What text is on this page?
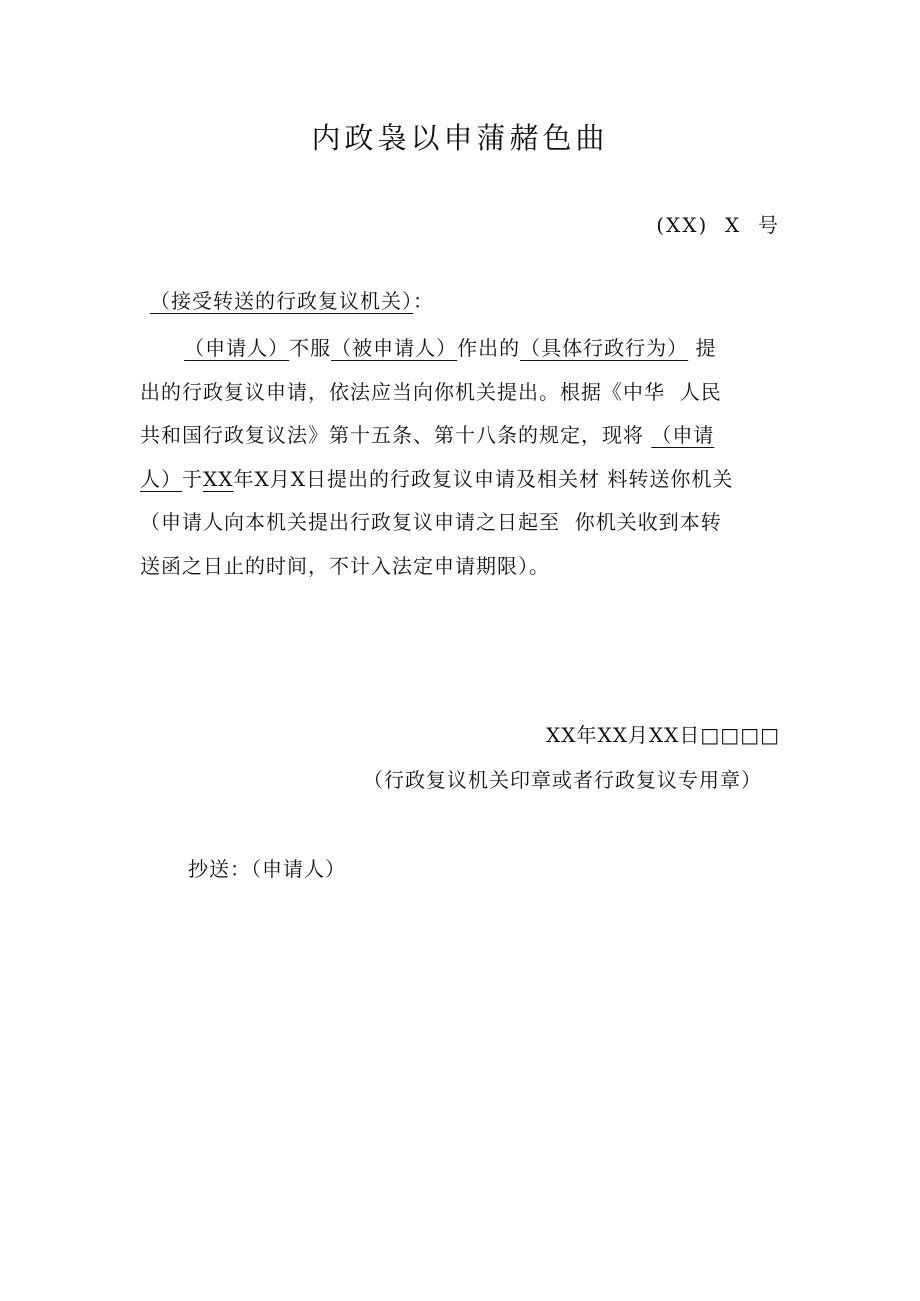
内政袅以申蒲赭色曲
(XX)  X  号
（接受转送的行政复议机关）：
（申请人）不服（被申请人）作出的（具体行政行为） 提
出的行政复议申请，依法应当向你机关提出。根据《中华  人民
共和国行政复议法》第十五条、第十八条的规定，现将 （申请
人）于XX年X月X日提出的行政复议申请及相关材 料转送你机关
（申请人向本机关提出行政复议申请之日起至  你机关收到本转
送函之日止的时间，不计入法定申请期限）。
XX年XX月XX日□□□□
（行政复议机关印章或者行政复议专用章）
抄送：（申请人）
